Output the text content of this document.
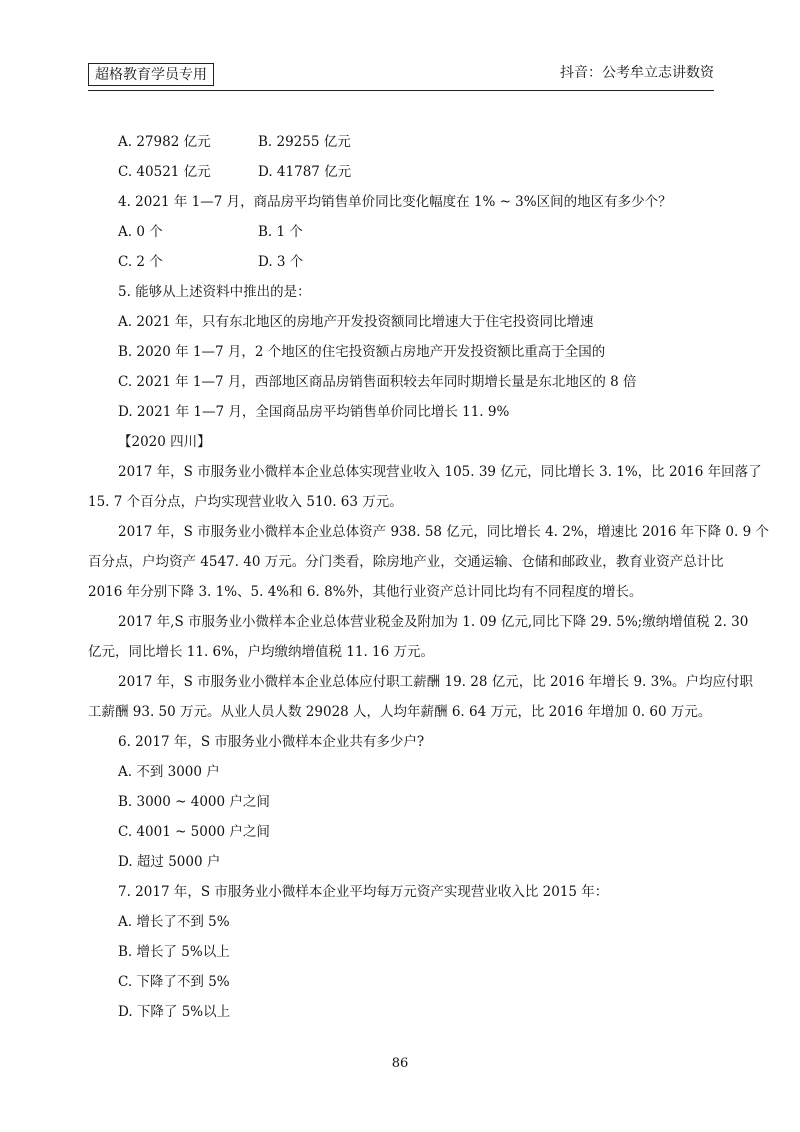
超格教育学员专用	抖音：公考牟立志讲数资
A. 27982 亿元	B. 29255 亿元
C. 40521 亿元	D. 41787 亿元
4. 2021 年 1—7 月，商品房平均销售单价同比变化幅度在 1% ~ 3%区间的地区有多少个？
A. 0 个	B. 1 个
C. 2 个	D. 3 个
5. 能够从上述资料中推出的是：
A. 2021 年，只有东北地区的房地产开发投资额同比增速大于住宅投资同比增速
B. 2020 年 1—7 月，2 个地区的住宅投资额占房地产开发投资额比重高于全国的
C. 2021 年 1—7 月，西部地区商品房销售面积较去年同时期增长量是东北地区的 8 倍
D. 2021 年 1—7 月，全国商品房平均销售单价同比增长 11. 9%
【2020 四川】
2017 年，S 市服务业小微样本企业总体实现营业收入 105. 39 亿元，同比增长 3. 1%，比 2016 年回落了
15. 7 个百分点，户均实现营业收入 510. 63 万元。
2017 年，S 市服务业小微样本企业总体资产 938. 58 亿元，同比增长 4. 2%，增速比 2016 年下降 0. 9 个
百分点，户均资产 4547. 40 万元。分门类看，除房地产业，交通运输、仓储和邮政业，教育业资产总计比
2016 年分别下降 3. 1%、5. 4%和 6. 8%外，其他行业资产总计同比均有不同程度的增长。
2017 年,S 市服务业小微样本企业总体营业税金及附加为 1. 09 亿元,同比下降 29. 5%;缴纳增值税 2. 30
亿元，同比增长 11. 6%，户均缴纳增值税 11. 16 万元。
2017 年，S 市服务业小微样本企业总体应付职工薪酬 19. 28 亿元，比 2016 年增长 9. 3%。户均应付职
工薪酬 93. 50 万元。从业人员人数 29028 人，人均年薪酬 6. 64 万元，比 2016 年增加 0. 60 万元。
6. 2017 年，S 市服务业小微样本企业共有多少户?
A. 不到 3000 户
B. 3000 ~ 4000 户之间
C. 4001 ~ 5000 户之间
D. 超过 5000 户
7. 2017 年，S 市服务业小微样本企业平均每万元资产实现营业收入比 2015 年：
A. 增长了不到 5%
B. 增长了 5%以上
C. 下降了不到 5%
D. 下降了 5%以上
86
